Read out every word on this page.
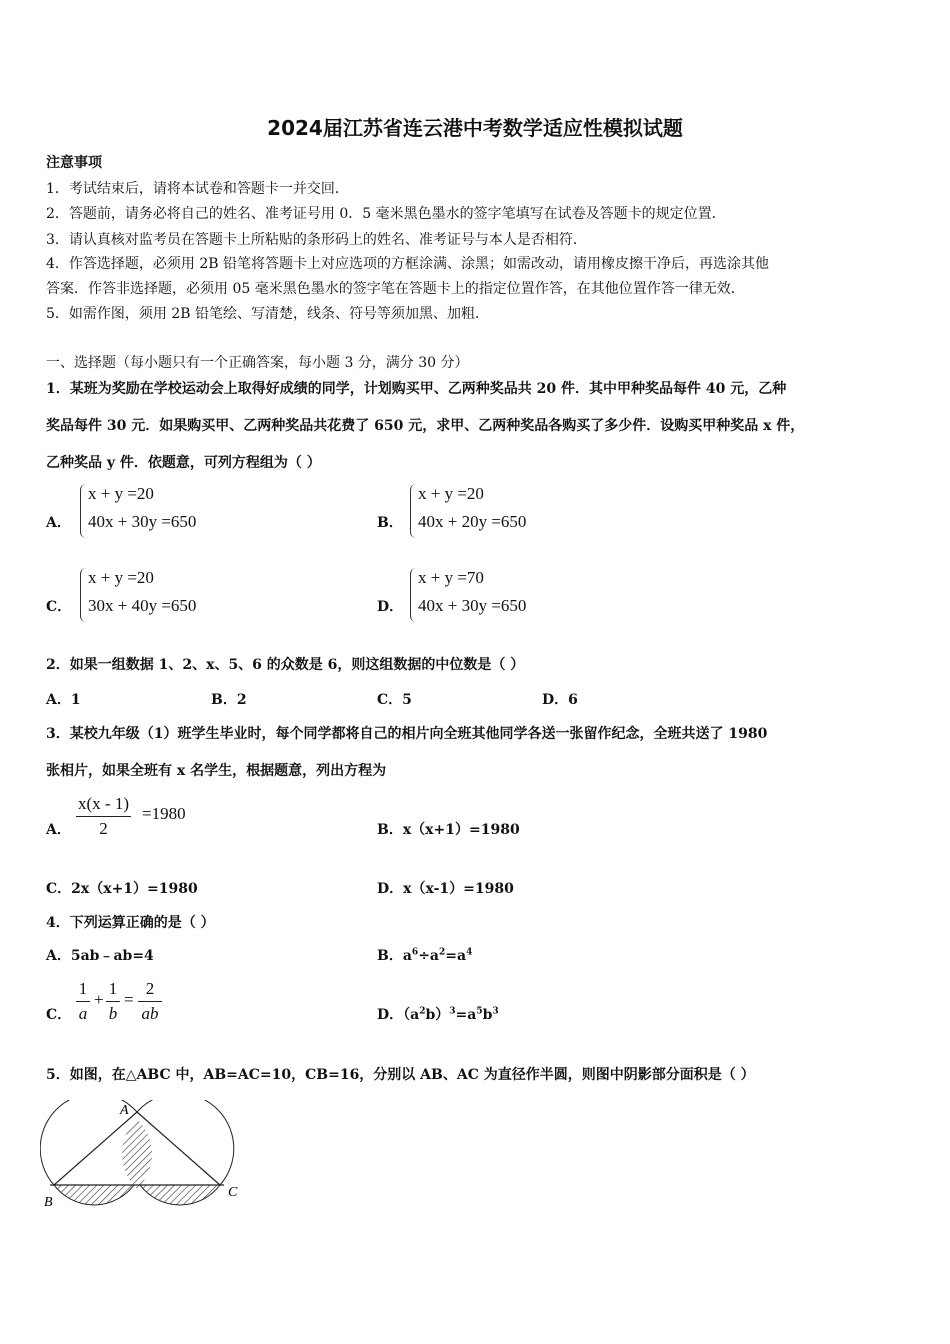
2024届江苏省连云港中考数学适应性模拟试题
注意事项
1．考试结束后，请将本试卷和答题卡一并交回．
2．答题前，请务必将自己的姓名、准考证号用 0．5 毫米黑色墨水的签字笔填写在试卷及答题卡的规定位置．
3．请认真核对监考员在答题卡上所粘贴的条形码上的姓名、准考证号与本人是否相符．
4．作答选择题，必须用 2B 铅笔将答题卡上对应选项的方框涂满、涂黑；如需改动，请用橡皮擦干净后，再选涂其他
答案．作答非选择题，必须用 05 毫米黑色墨水的签字笔在答题卡上的指定位置作答，在其他位置作答一律无效．
5．如需作图，须用 2B 铅笔绘、写清楚，线条、符号等须加黑、加粗．
一、选择题（每小题只有一个正确答案，每小题 3 分，满分 30 分）
1．某班为奖励在学校运动会上取得好成绩的同学，计划购买甲、乙两种奖品共 20 件．其中甲种奖品每件 40 元，乙种
奖品每件 30 元．如果购买甲、乙两种奖品共花费了 650 元，求甲、乙两种奖品各购买了多少件．设购买甲种奖品 x 件，
乙种奖品 y 件．依题意，可列方程组为（ ）
A．
x + y =20
40x + 30y =650	B．
x + y =20
40x + 20y =650
C．
x + y =20
30x + 40y =650	D．
x + y =70
40x + 30y =650
2．如果一组数据 1、2、x、5、6 的众数是 6，则这组数据的中位数是（ ）
A．1	B．2	C．5	D．6
3．某校九年级（1）班学生毕业时，每个同学都将自己的相片向全班其他同学各送一张留作纪念，全班共送了 1980
张相片，如果全班有 x 名学生，根据题意，列出方程为
A．
x(x - 1)
2
=1980
B．x（x+1）=1980
C．2x（x+1）=1980	D．x（x-1）=1980
4．下列运算正确的是（ ）
A．5ab﹣ab=4	B．$a^6\div a^2=a^4$
C．
1
a
+
1
b
=
2
ab	D．$(a^2b)^3=a^5b^3$
5．如图，在△ABC 中，AB=AC=10，CB=16，分别以 AB、AC 为直径作半圆，则图中阴影部分面积是（ ）
A
B
C
